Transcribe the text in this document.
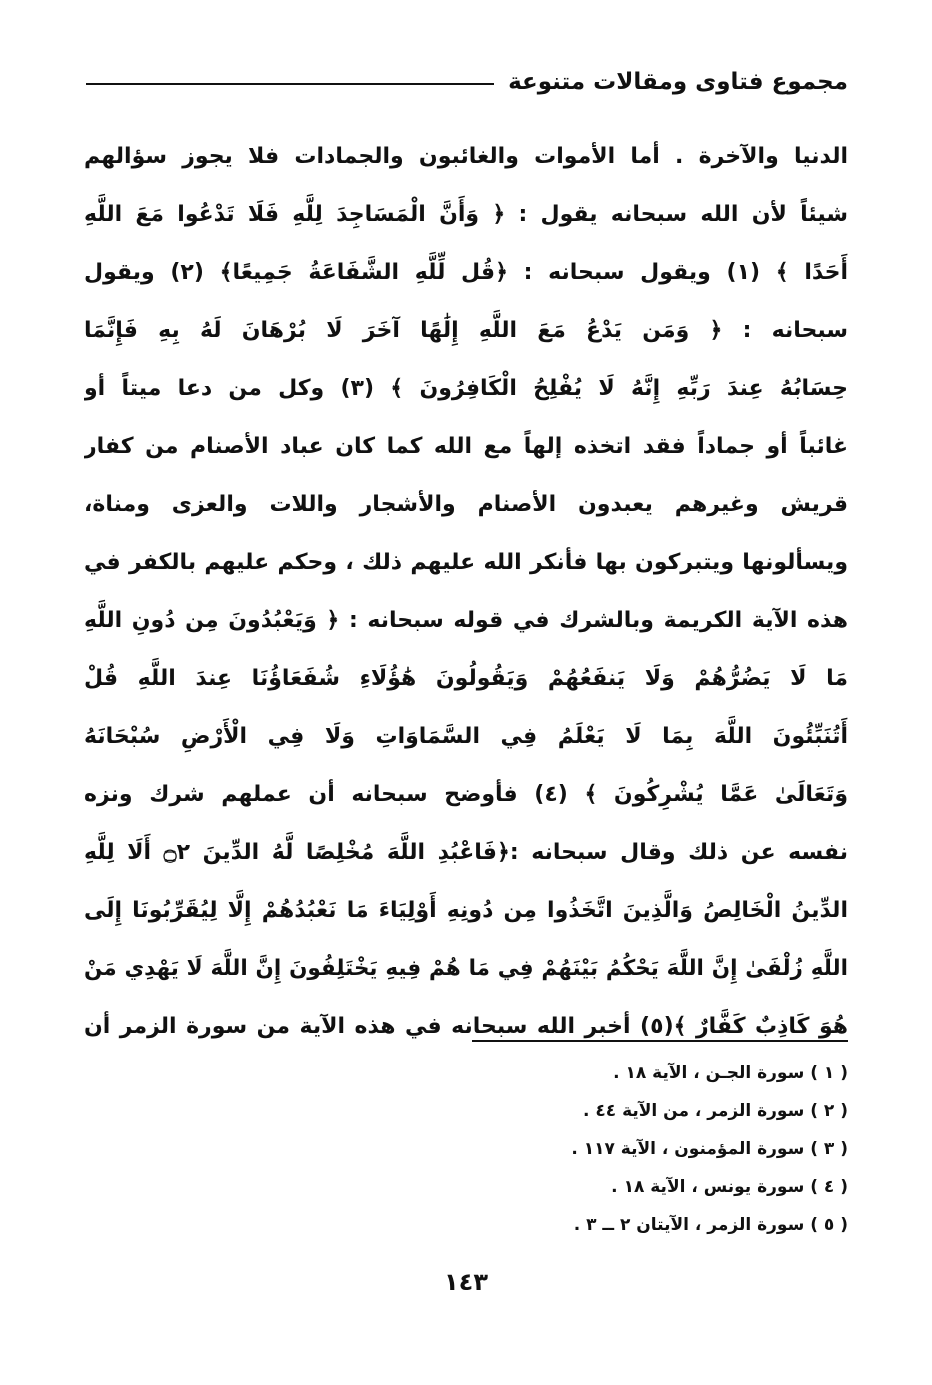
مجموع فتاوى ومقالات متنوعة
الدنيا والآخرة . أما الأموات والغائبون والجمادات فلا يجوز سؤالهم
شيئاً لأن الله سبحانه يقول : ﴿ وَأَنَّ الْمَسَاجِدَ لِلَّهِ فَلَا تَدْعُوا مَعَ اللَّهِ
أَحَدًا ﴾ (١) ويقول سبحانه : ﴿قُل لِّلَّهِ الشَّفَاعَةُ جَمِيعًا﴾ (٢) ويقول
سبحانه : ﴿ وَمَن يَدْعُ مَعَ اللَّهِ إِلَٰهًا آخَرَ لَا بُرْهَانَ لَهُ بِهِ فَإِنَّمَا
حِسَابُهُ عِندَ رَبِّهِ إِنَّهُ لَا يُفْلِحُ الْكَافِرُونَ ﴾ (٣) وكل من دعا ميتاً أو
غائباً أو جماداً فقد اتخذه إلهاً مع الله كما كان عباد الأصنام من كفار
قريش وغيرهم يعبدون الأصنام والأشجار واللات والعزى ومناة،
ويسألونها ويتبركون بها فأنكر الله عليهم ذلك ، وحكم عليهم بالكفر في
هذه الآية الكريمة وبالشرك في قوله سبحانه : ﴿ وَيَعْبُدُونَ مِن دُونِ اللَّهِ
مَا لَا يَضُرُّهُمْ وَلَا يَنفَعُهُمْ وَيَقُولُونَ هَٰؤُلَاءِ شُفَعَاؤُنَا عِندَ اللَّهِ قُلْ
أَتُنَبِّئُونَ اللَّهَ بِمَا لَا يَعْلَمُ فِي السَّمَاوَاتِ وَلَا فِي الْأَرْضِ سُبْحَانَهُ
وَتَعَالَىٰ عَمَّا يُشْرِكُونَ ﴾ (٤) فأوضح سبحانه أن عملهم شرك ونزه
نفسه عن ذلك وقال سبحانه :﴿فَاعْبُدِ اللَّهَ مُخْلِصًا لَّهُ الدِّينَ ۝٢ أَلَا لِلَّهِ
الدِّينُ الْخَالِصُ وَالَّذِينَ اتَّخَذُوا مِن دُونِهِ أَوْلِيَاءَ مَا نَعْبُدُهُمْ إِلَّا لِيُقَرِّبُونَا إِلَى
اللَّهِ زُلْفَىٰ إِنَّ اللَّهَ يَحْكُمُ بَيْنَهُمْ فِي مَا هُمْ فِيهِ يَخْتَلِفُونَ إِنَّ اللَّهَ لَا يَهْدِي مَنْ
هُوَ كَاذِبٌ كَفَّارٌ ﴾(٥) أخبر الله سبحانه في هذه الآية من سورة الزمر أن
( ١ ) سورة الجـن ، الآية ١٨ .
( ٢ ) سورة الزمر ، من الآية ٤٤ .
( ٣ ) سورة المؤمنون ، الآية ١١٧ .
( ٤ ) سورة يونس ، الآية ١٨ .
( ٥ ) سورة الزمر ، الآيتان ٢ ــ ٣ .
١٤٣
